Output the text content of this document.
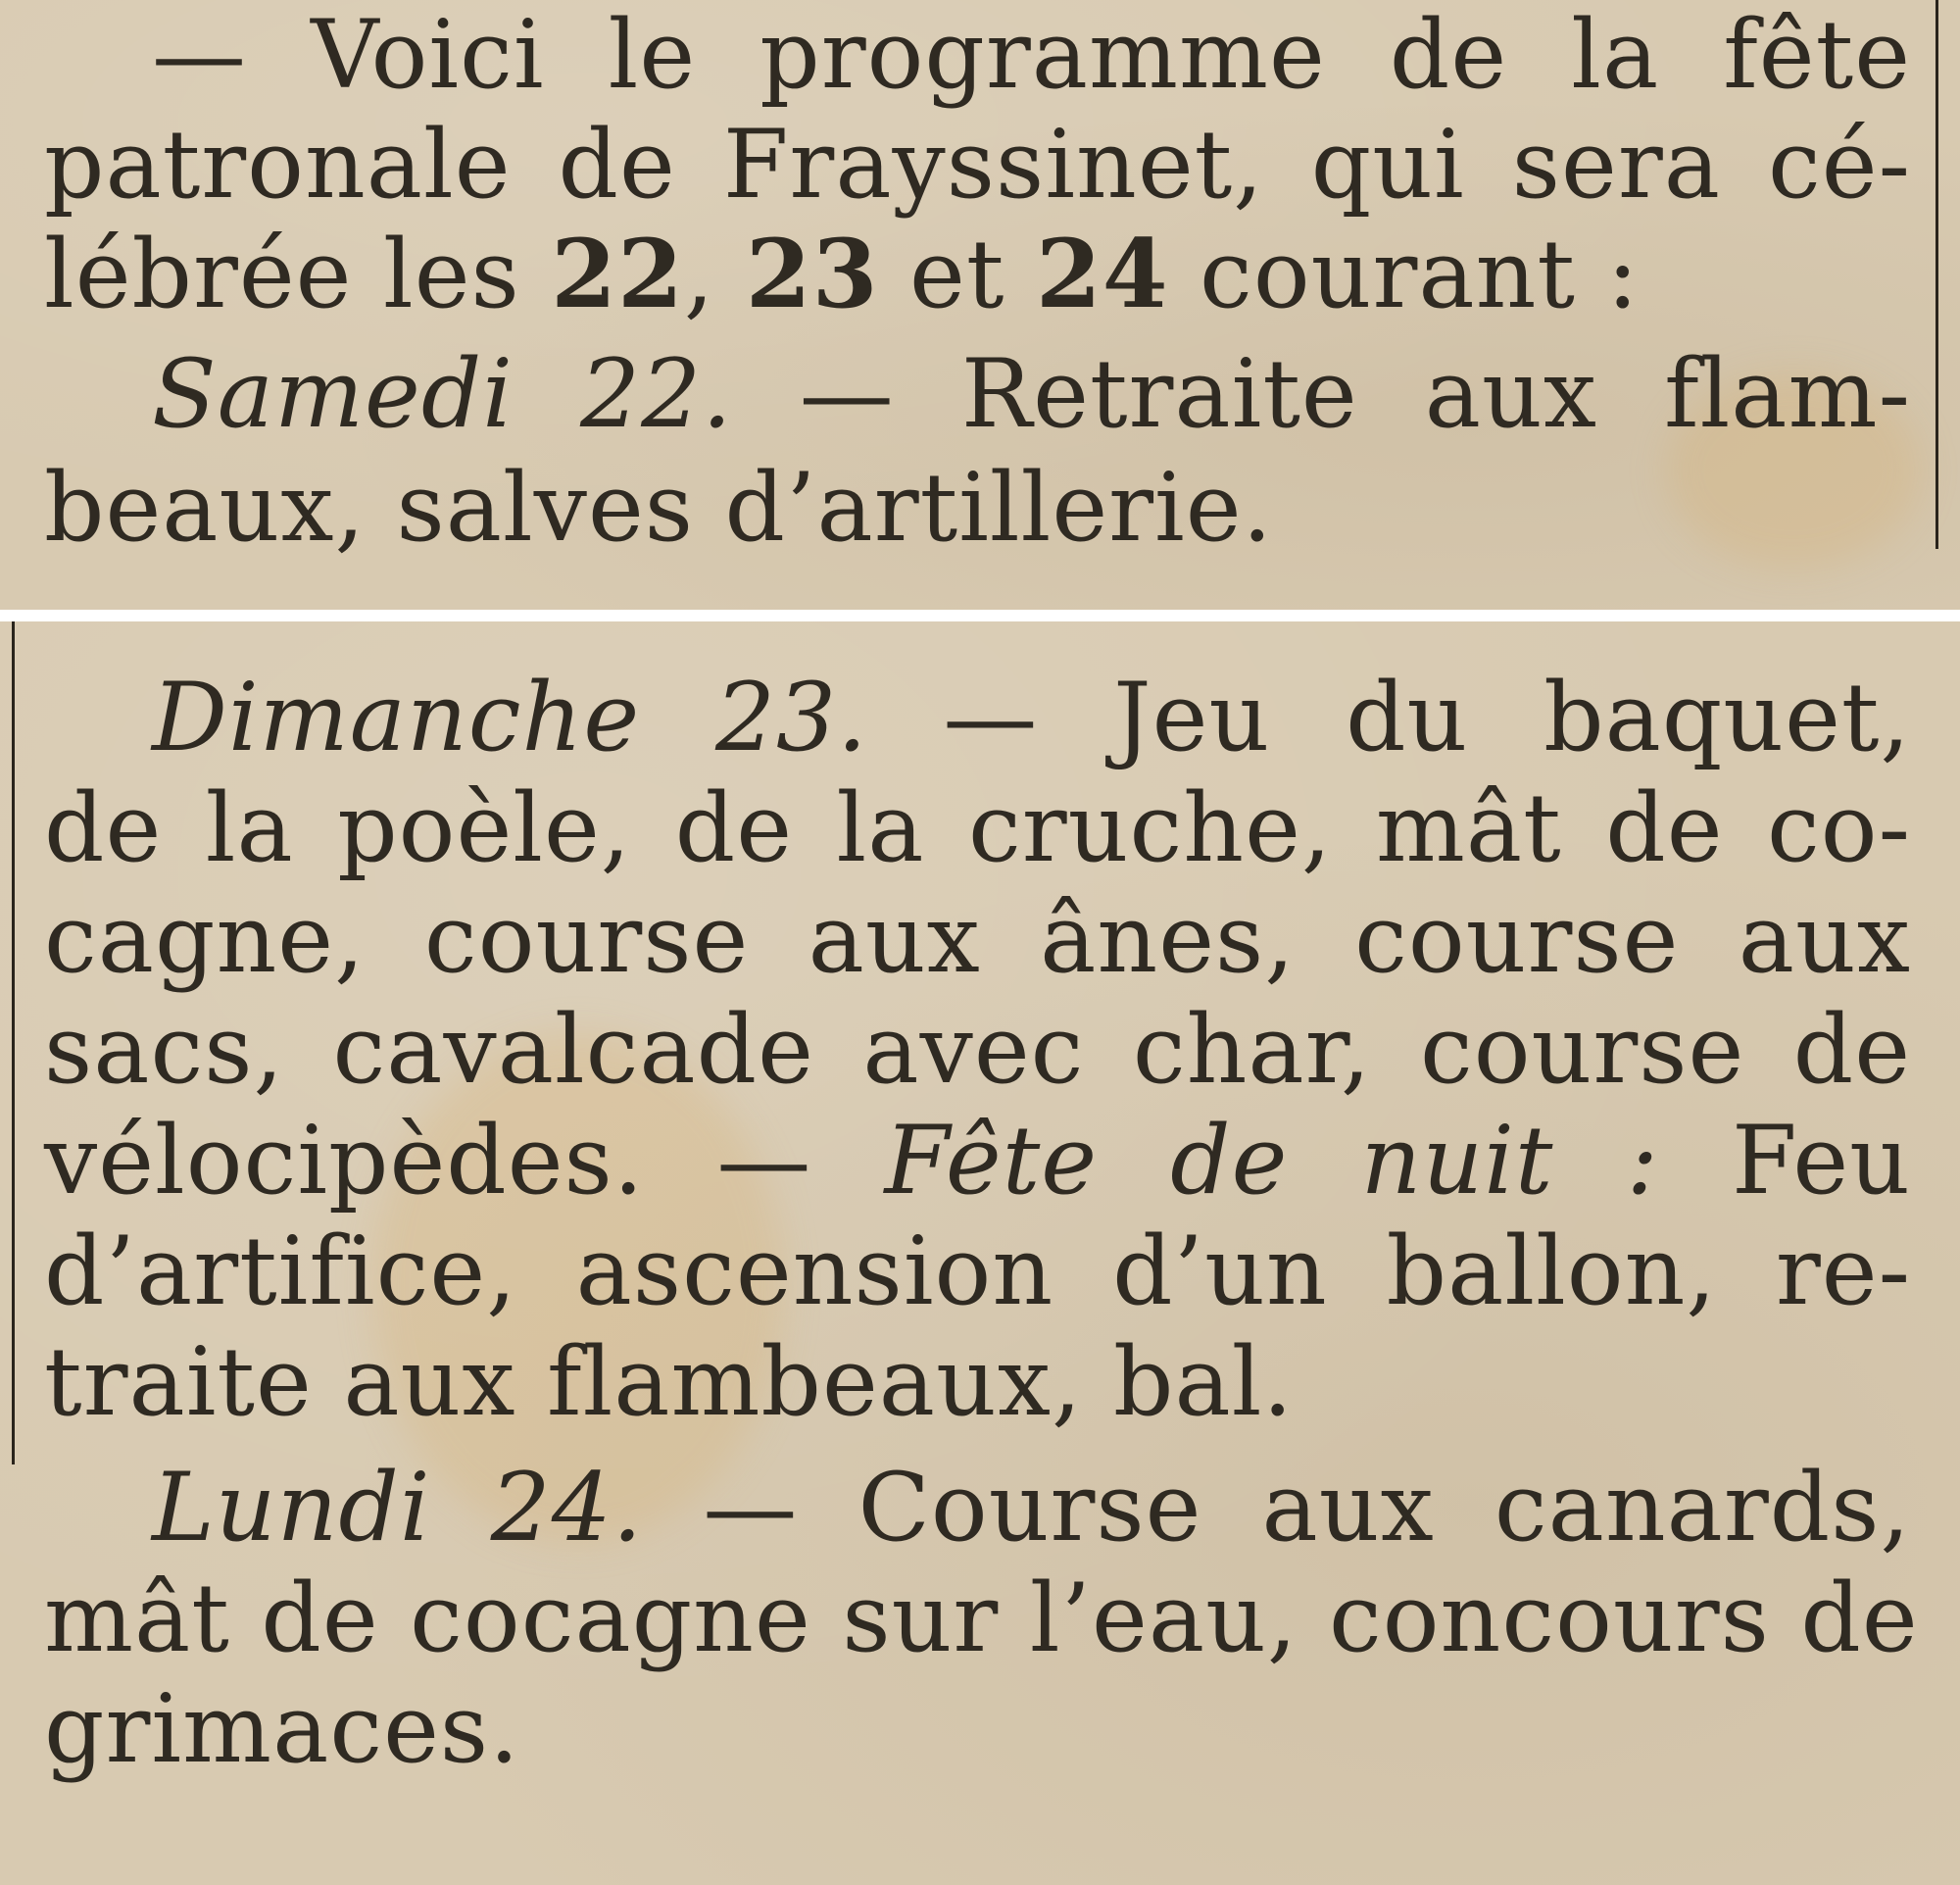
— Voici le programme de la fête
patronale de Frayssinet, qui sera cé-
lébrée les 22, 23 et 24 courant :
Samedi 22. — Retraite aux flam-
beaux, salves d’artillerie.
Dimanche 23. — Jeu du baquet,
de la poèle, de la cruche, mât de co-
cagne, course aux ânes, course aux
sacs, cavalcade avec char, course de
vélocipèdes. — Fête de nuit : Feu
d’artifice, ascension d’un ballon, re-
traite aux flambeaux, bal.
Lundi 24. — Course aux canards,
mât de cocagne sur l’eau, concours de
grimaces.
